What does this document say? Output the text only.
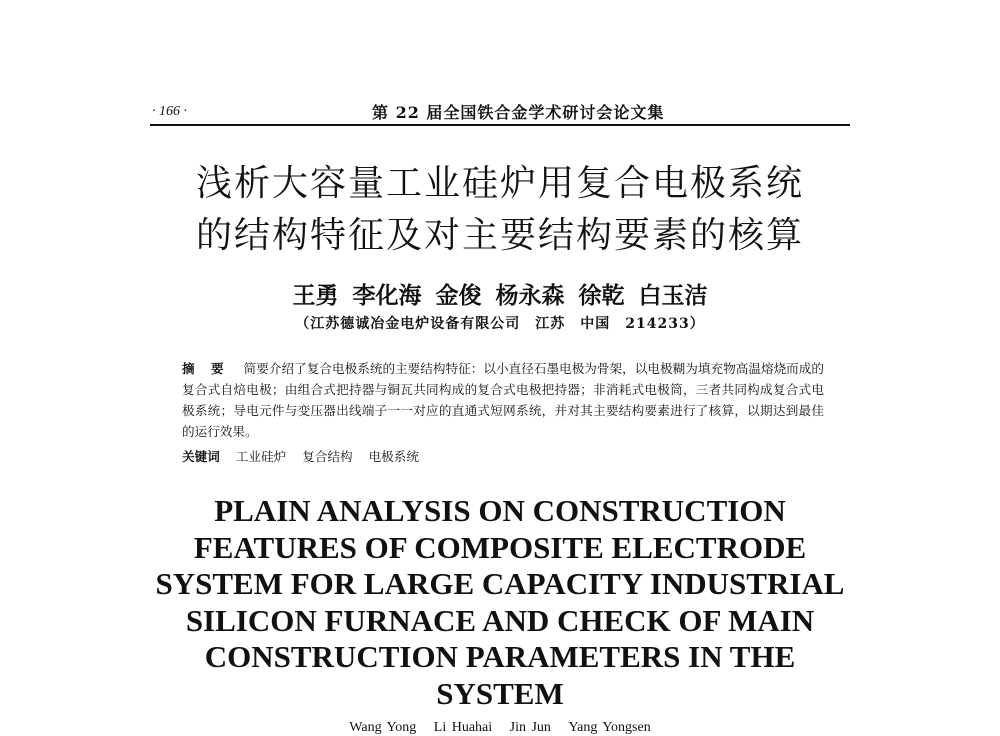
· 166 ·	第 22 届全国铁合金学术研讨会论文集
浅析大容量工业硅炉用复合电极系统
的结构特征及对主要结构要素的核算
王勇 李化海 金俊 杨永森 徐乾 白玉洁
（江苏德诚冶金电炉设备有限公司　江苏　中国　214233）
摘 要 简要介绍了复合电极系统的主要结构特征：以小直径石墨电极为骨架，以电极糊为填充物高温熔烧而成的复合式自焙电极；由组合式把持器与铜瓦共同构成的复合式电极把持器；非消耗式电极筒，三者共同构成复合式电极系统；导电元件与变压器出线端子一一对应的直通式短网系统，并对其主要结构要素进行了核算，以期达到最佳的运行效果。
关键词 工业硅炉 复合结构 电极系统
PLAIN ANALYSIS ON CONSTRUCTION
FEATURES OF COMPOSITE ELECTRODE
SYSTEM FOR LARGE CAPACITY INDUSTRIAL
SILICON FURNACE AND CHECK OF MAIN
CONSTRUCTION PARAMETERS IN THE
SYSTEM
Wang Yong Li Huahai Jin Jun Yang Yongsen
